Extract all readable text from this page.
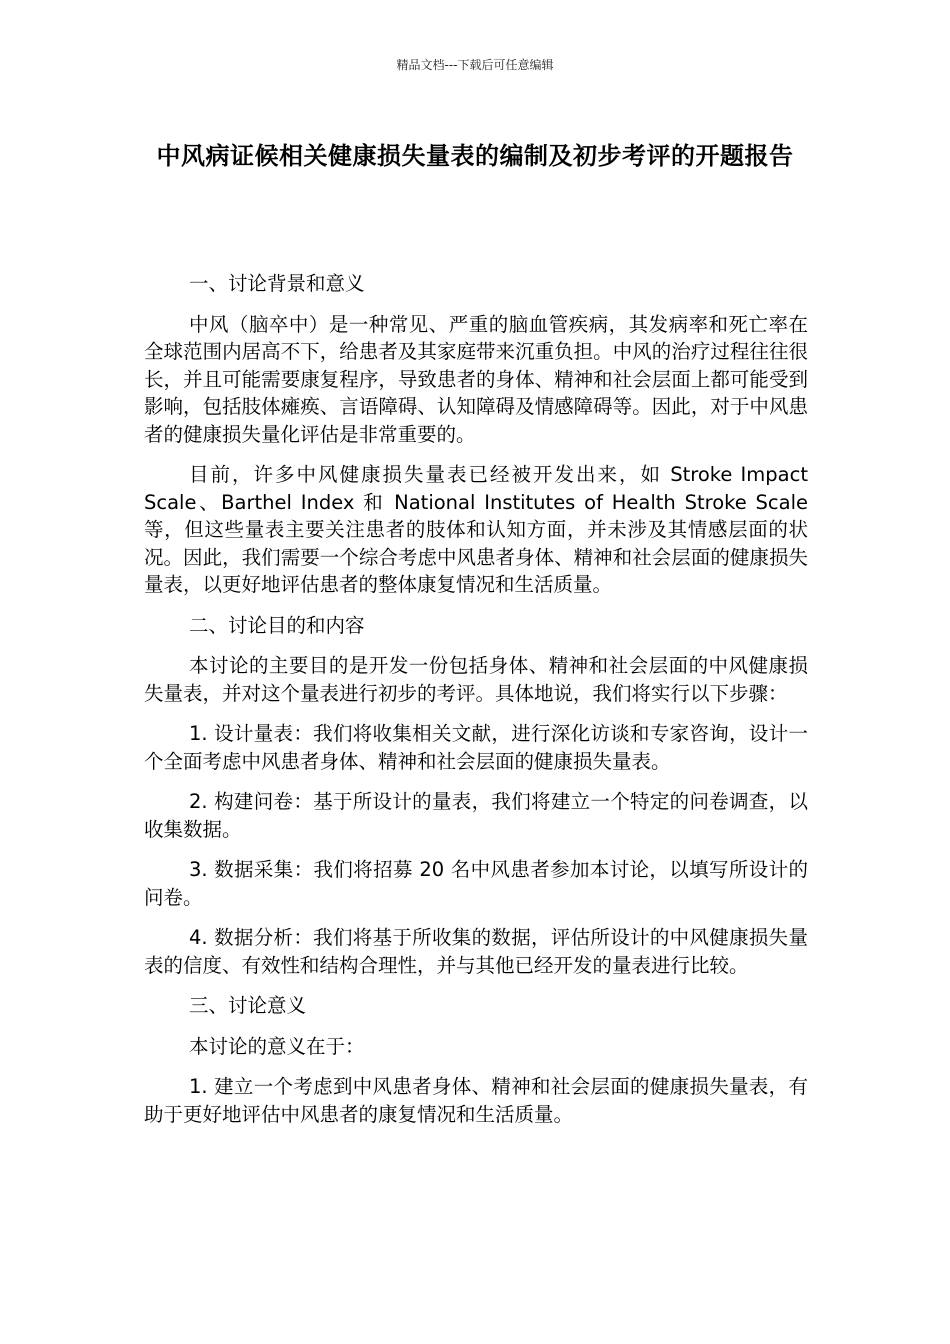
精品文档---下载后可任意编辑
中风病证候相关健康损失量表的编制及初步考评的开题报告

一、讨论背景和意义

中风（脑卒中）是一种常见、严重的脑血管疾病，其发病率和死亡率在全球范围内居高不下，给患者及其家庭带来沉重负担。中风的治疗过程往往很长，并且可能需要康复程序，导致患者的身体、精神和社会层面上都可能受到影响，包括肢体瘫痪、言语障碍、认知障碍及情感障碍等。因此，对于中风患者的健康损失量化评估是非常重要的。

目前，许多中风健康损失量表已经被开发出来，如 Stroke Impact Scale、Barthel Index 和 National Institutes of Health Stroke Scale 等，但这些量表主要关注患者的肢体和认知方面，并未涉及其情感层面的状况。因此，我们需要一个综合考虑中风患者身体、精神和社会层面的健康损失量表，以更好地评估患者的整体康复情况和生活质量。

二、讨论目的和内容

本讨论的主要目的是开发一份包括身体、精神和社会层面的中风健康损失量表，并对这个量表进行初步的考评。具体地说，我们将实行以下步骤：

1. 设计量表：我们将收集相关文献，进行深化访谈和专家咨询，设计一个全面考虑中风患者身体、精神和社会层面的健康损失量表。

2. 构建问卷：基于所设计的量表，我们将建立一个特定的问卷调查，以收集数据。

3. 数据采集：我们将招募 20 名中风患者参加本讨论，以填写所设计的问卷。

4. 数据分析：我们将基于所收集的数据，评估所设计的中风健康损失量表的信度、有效性和结构合理性，并与其他已经开发的量表进行比较。

三、讨论意义

本讨论的意义在于：

1. 建立一个考虑到中风患者身体、精神和社会层面的健康损失量表，有助于更好地评估中风患者的康复情况和生活质量。
